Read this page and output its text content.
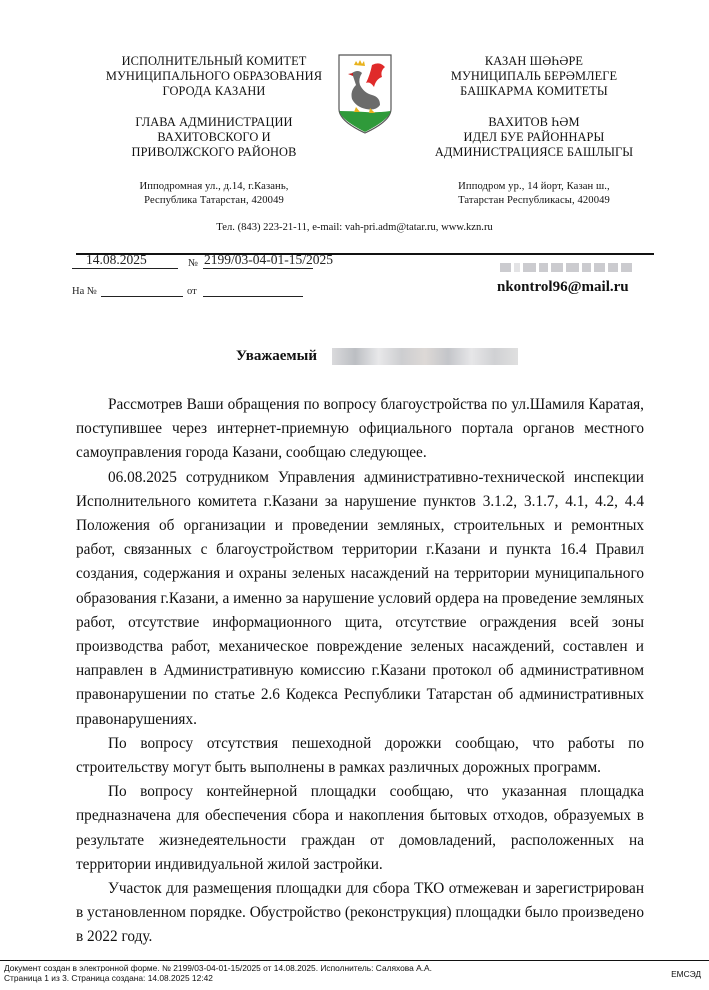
ИСПОЛНИТЕЛЬНЫЙ КОМИТЕТ
МУНИЦИПАЛЬНОГО ОБРАЗОВАНИЯ
ГОРОДА КАЗАНИ
ГЛАВА АДМИНИСТРАЦИИ
ВАХИТОВСКОГО И
ПРИВОЛЖСКОГО РАЙОНОВ
Ипподромная ул., д.14, г.Казань,
Республика Татарстан, 420049
КАЗАН ШӘҺӘРЕ
МУНИЦИПАЛЬ БЕРӘМЛЕГЕ
БАШКАРМА КОМИТЕТЫ
ВАХИТОВ ҺӘМ
ИДЕЛ БУЕ РАЙОННАРЫ
АДМИНИСТРАЦИЯСЕ БАШЛЫГЫ
Ипподром ур., 14 йорт, Казан ш.,
Татарстан Республикасы, 420049
Тел. (843) 223-21-11, e-mail: vah-pri.adm@tatar.ru, www.kzn.ru
14.08.2025	№ 2199/03-04-01-15/2025
На №	от	nkontrol96@mail.ru
Уважаемый

Рассмотрев Ваши обращения по вопросу благоустройства по ул.Шамиля Каратая, поступившее через интернет-приемную официального портала органов местного самоуправления города Казани, сообщаю следующее.

06.08.2025 сотрудником Управления административно-технической инспекции Исполнительного комитета г.Казани за нарушение пунктов 3.1.2, 3.1.7, 4.1, 4.2, 4.4 Положения об организации и проведении земляных, строительных и ремонтных работ, связанных с благоустройством территории г.Казани и пункта 16.4 Правил создания, содержания и охраны зеленых насаждений на территории муниципального образования г.Казани, а именно за нарушение условий ордера на проведение земляных работ, отсутствие информационного щита, отсутствие ограждения всей зоны производства работ, механическое повреждение зеленых насаждений, составлен и направлен в Административную комиссию г.Казани протокол об административном правонарушении по статье 2.6 Кодекса Республики Татарстан об административных правонарушениях.

По вопросу отсутствия пешеходной дорожки сообщаю, что работы по строительству могут быть выполнены в рамках различных дорожных программ.

По вопросу контейнерной площадки сообщаю, что указанная площадка предназначена для обеспечения сбора и накопления бытовых отходов, образуемых в результате жизнедеятельности граждан от домовладений, расположенных на территории индивидуальной жилой застройки.

Участок для размещения площадки для сбора ТКО отмежеван и зарегистрирован в установленном порядке. Обустройство (реконструкция) площадки было произведено в 2022 году.

Документ создан в электронной форме. № 2199/03-04-01-15/2025 от 14.08.2025. Исполнитель: Саляхова А.А.
Страница 1 из 3. Страница создана: 14.08.2025 12:42	ЕМСЭД
